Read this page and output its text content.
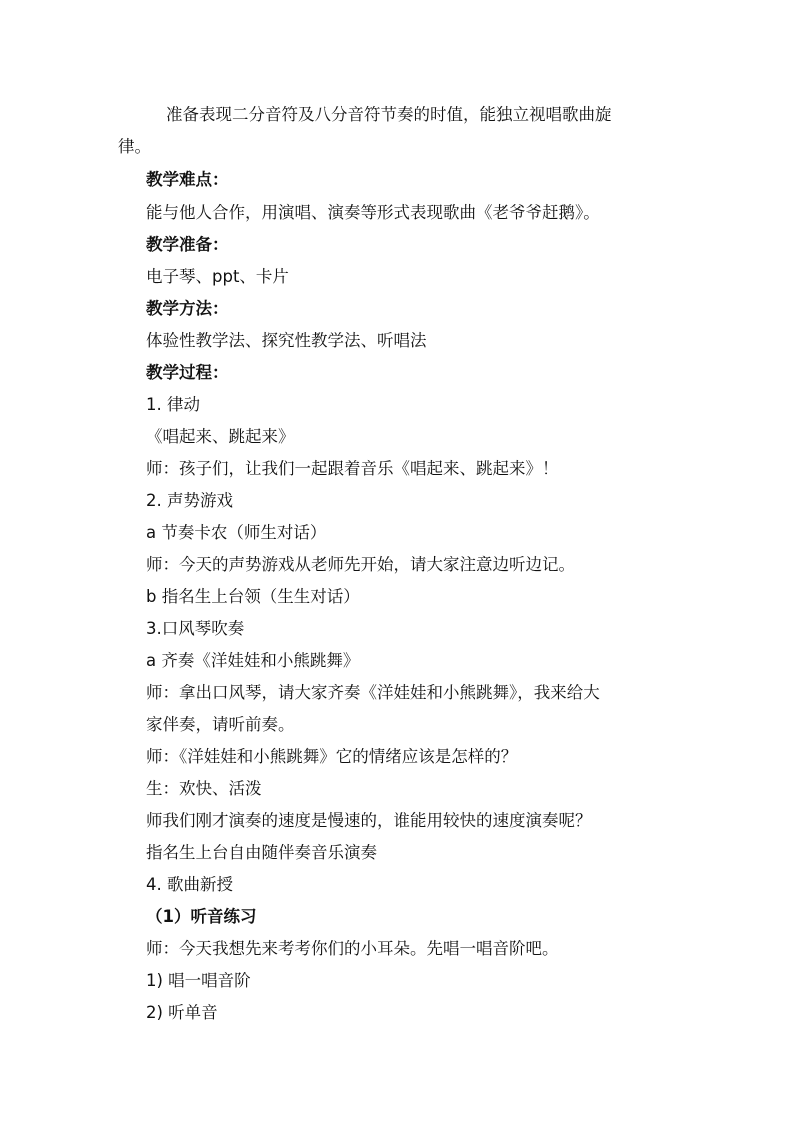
准备表现二分音符及八分音符节奏的时值，能独立视唱歌曲旋
律。
教学难点：
能与他人合作，用演唱、演奏等形式表现歌曲《老爷爷赶鹅》。
教学准备：
电子琴、ppt、卡片
教学方法：
体验性教学法、探究性教学法、听唱法
教学过程：
1. 律动
《唱起来、跳起来》
师：孩子们，让我们一起跟着音乐《唱起来、跳起来》！
2. 声势游戏
a 节奏卡农（师生对话）
师：今天的声势游戏从老师先开始，请大家注意边听边记。
b 指名生上台领（生生对话）
3.口风琴吹奏
a 齐奏《洋娃娃和小熊跳舞》
师：拿出口风琴，请大家齐奏《洋娃娃和小熊跳舞》，我来给大
家伴奏，请听前奏。
师：《洋娃娃和小熊跳舞》它的情绪应该是怎样的？
生：欢快、活泼
师我们刚才演奏的速度是慢速的，谁能用较快的速度演奏呢？
指名生上台自由随伴奏音乐演奏
4. 歌曲新授
（1）听音练习
师：今天我想先来考考你们的小耳朵。先唱一唱音阶吧。
1) 唱一唱音阶
2) 听单音
